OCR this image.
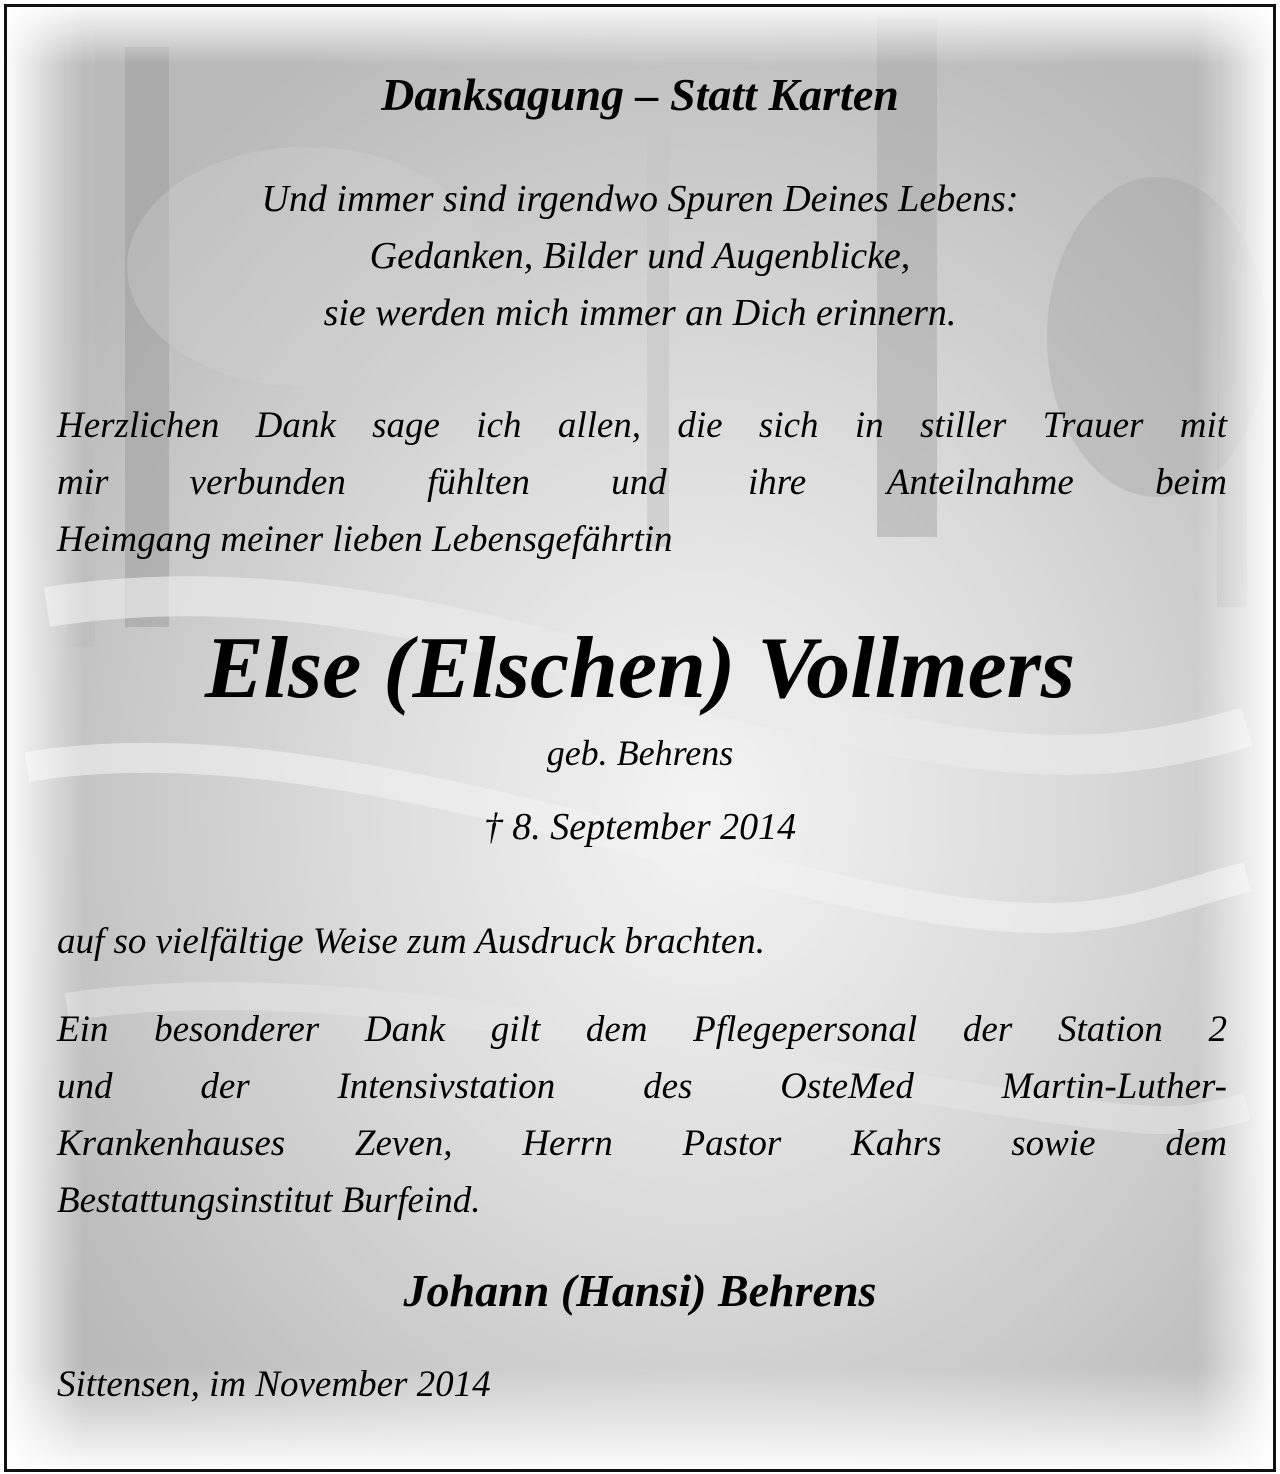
Danksagung – Statt Karten
Und immer sind irgendwo Spuren Deines Lebens:
Gedanken, Bilder und Augenblicke,
sie werden mich immer an Dich erinnern.
Herzlichen Dank sage ich allen, die sich in stiller Trauer mit
mir verbunden fühlten und ihre Anteilnahme beim
Heimgang meiner lieben Lebensgefährtin
Else (Elschen) Vollmers
geb. Behrens
† 8. September 2014
auf so vielfältige Weise zum Ausdruck brachten.
Ein besonderer Dank gilt dem Pflegepersonal der Station 2
und der Intensivstation des OsteMed Martin-Luther-
Krankenhauses Zeven, Herrn Pastor Kahrs sowie dem
Bestattungsinstitut Burfeind.
Johann (Hansi) Behrens
Sittensen, im November 2014
